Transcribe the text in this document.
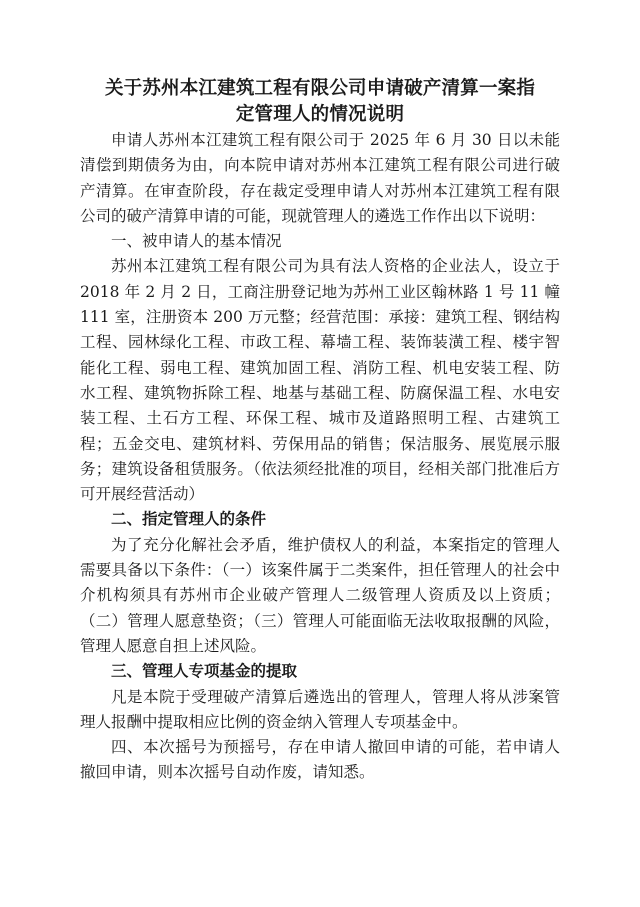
关于苏州本江建筑工程有限公司申请破产清算一案指
定管理人的情况说明

申请人苏州本江建筑工程有限公司于 2025 年 6 月 30 日以未能清偿到期债务为由，向本院申请对苏州本江建筑工程有限公司进行破产清算。在审查阶段，存在裁定受理申请人对苏州本江建筑工程有限公司的破产清算申请的可能，现就管理人的遴选工作作出以下说明：

一、被申请人的基本情况

苏州本江建筑工程有限公司为具有法人资格的企业法人，设立于 2018 年 2 月 2 日，工商注册登记地为苏州工业区翰林路 1 号 11 幢 111 室，注册资本 200 万元整；经营范围：承接：建筑工程、钢结构工程、园林绿化工程、市政工程、幕墙工程、装饰装潢工程、楼宇智能化工程、弱电工程、建筑加固工程、消防工程、机电安装工程、防水工程、建筑物拆除工程、地基与基础工程、防腐保温工程、水电安装工程、土石方工程、环保工程、城市及道路照明工程、古建筑工程；五金交电、建筑材料、劳保用品的销售；保洁服务、展览展示服务；建筑设备租赁服务。（依法须经批准的项目，经相关部门批准后方可开展经营活动）

二、指定管理人的条件

为了充分化解社会矛盾，维护债权人的利益，本案指定的管理人需要具备以下条件：（一）该案件属于二类案件，担任管理人的社会中介机构须具有苏州市企业破产管理人二级管理人资质及以上资质；（二）管理人愿意垫资；（三）管理人可能面临无法收取报酬的风险，管理人愿意自担上述风险。

三、管理人专项基金的提取

凡是本院于受理破产清算后遴选出的管理人，管理人将从涉案管理人报酬中提取相应比例的资金纳入管理人专项基金中。

四、本次摇号为预摇号，存在申请人撤回申请的可能，若申请人撤回申请，则本次摇号自动作废，请知悉。
